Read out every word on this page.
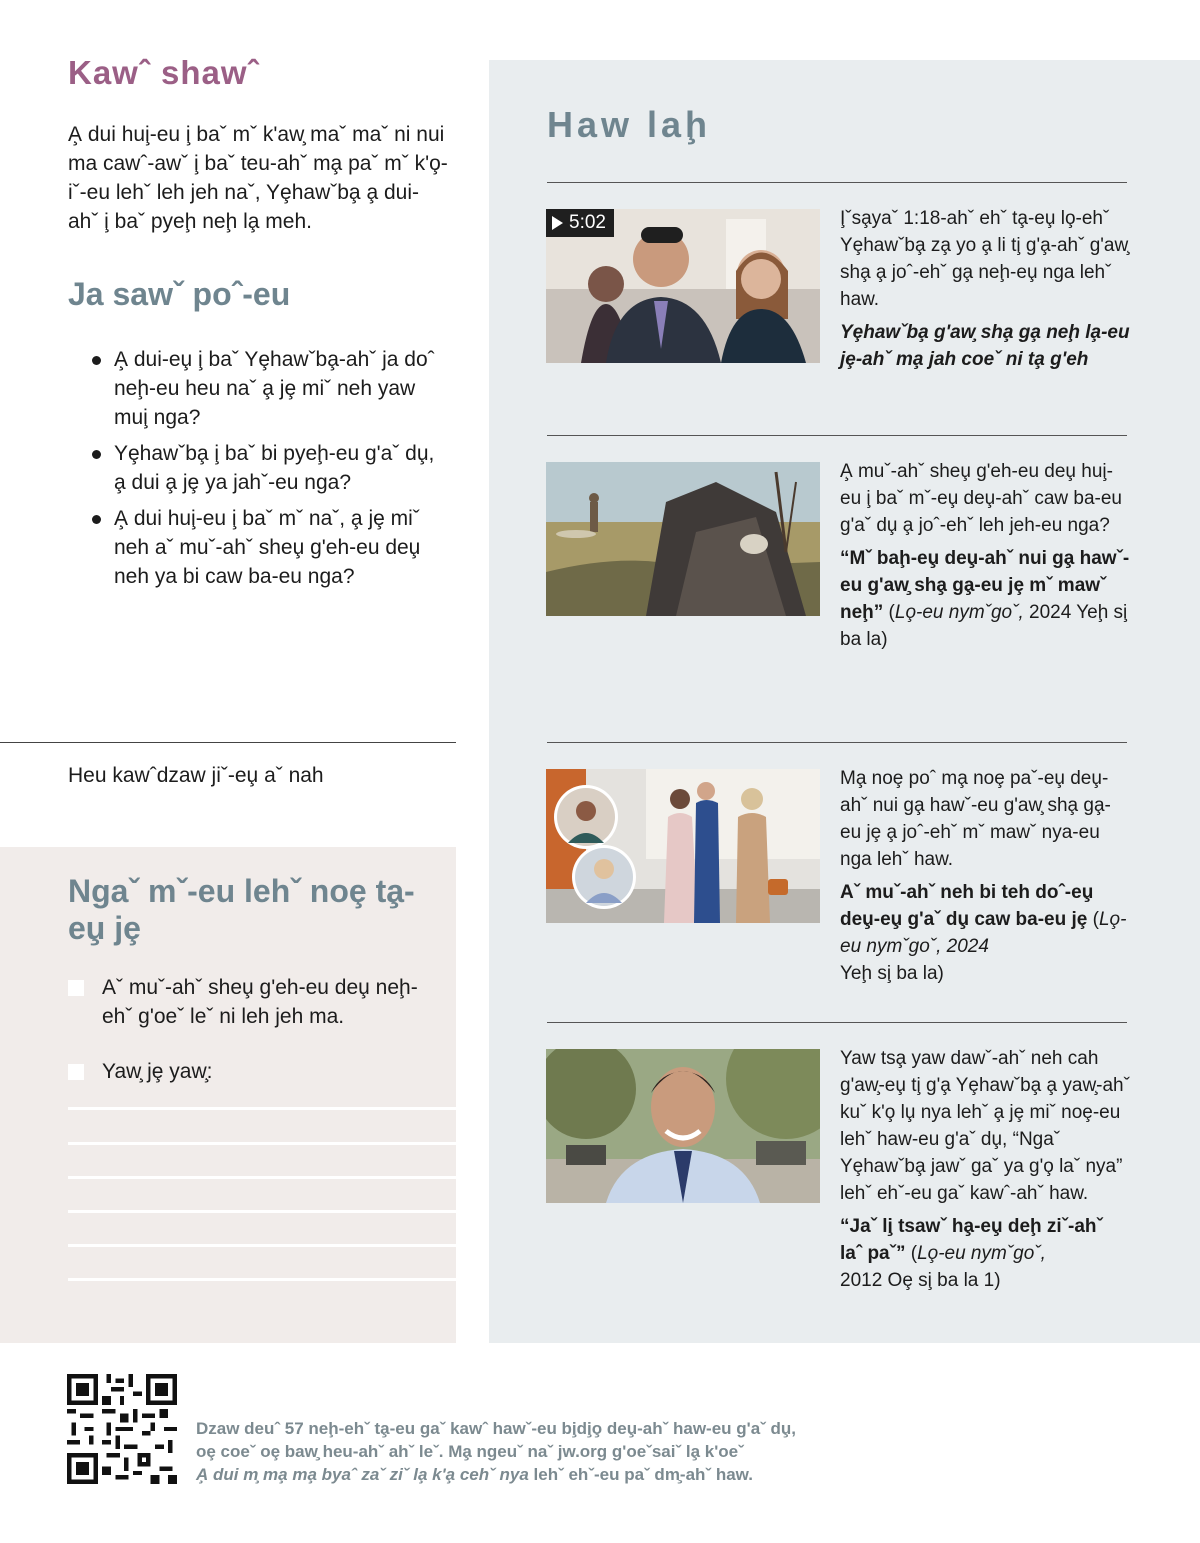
Kawˆ shawˆ

A̧ dui hui̧-eu i̧ baˇ mˇ k'aw̧ maˇ maˇ ni nui ma cawˆ-awˇ i̧ baˇ teu-ahˇ ma̧ paˇ mˇ k'o̧-iˇ-eu lehˇ leh jeh naˇ, Yȩhawˇba̧ a̧ dui-ahˇ i̧ baˇ pyeḩ neḩ la̧ meh.

Ja sawˇ poˆ-eu
A̧ dui-eu̧ i̧ baˇ Yȩhawˇba̧-ahˇ ja doˆ neḩ-eu heu naˇ a̧ jȩ miˇ neh yaw mui̧ nga?
Yȩhawˇba̧ i̧ baˇ bi pyeḩ-eu g'aˇ du̧, a̧ dui a̧ jȩ ya jahˇ-eu nga?
A̧ dui hui̧-eu i̧ baˇ mˇ naˇ, a̧ jȩ miˇ neh aˇ muˇ-ahˇ sheu̧ g'eh-eu deu̧ neh ya bi caw ba-eu nga?
Heu kawˆdzaw jiˇ-eu̧ aˇ nah
Ngaˇ mˇ-eu lehˇ noȩ ta̧-eu̧ jȩ
Aˇ muˇ-ahˇ sheu̧ g'eh-eu deu̧ neḩ-ehˇ g'oeˇ leˇ ni leh jeh ma.
Yaw̧ jȩ yaw̧:
Haw laḩ
5:02	I̧ˇsa̧yaˇ 1:18-ahˇ ehˇ ta̧-eu̧ lo̧-ehˇ Yȩhawˇba̧ za̧ yo a̧ li ti̧ g'a̧-ahˇ g'aw̧ sha̧ a̧ joˆ-ehˇ ga̧ neḩ-eu̧ nga lehˇ haw.
Yȩhawˇba̧ g'aw̧ sha̧ ga̧ neḩ la̧-eu jȩ-ahˇ ma̧ jah coeˇ ni ta̧ g'eh
A̧ muˇ-ahˇ sheu̧ g'eh-eu deu̧ hui̧-eu i̧ baˇ mˇ-eu̧ deu̧-ahˇ caw ba-eu g'aˇ du̧ a̧ joˆ-ehˇ leh jeh-eu nga?
“Mˇ baḩ-eu̧ deu̧-ahˇ nui ga̧ hawˇ-eu g'aw̧ sha̧ ga̧-eu jȩ mˇ mawˇ neḩ” (Lo̧-eu nymˇgoˇ, 2024 Yeḩ si̧ ba la)
Ma̧ noȩ poˆ ma̧ noȩ paˇ-eu̧ deu̧-ahˇ nui ga̧ hawˇ-eu g'aw̧ sha̧ ga̧-eu jȩ a̧ joˆ-ehˇ mˇ mawˇ nya-eu nga lehˇ haw.
Aˇ muˇ-ahˇ neh bi teh doˆ-eu̧ deu̧-eu̧ g'aˇ du̧ caw ba-eu jȩ (Lo̧-eu nymˇgoˇ, 2024
Yeḩ si̧ ba la)
Yaw tsa̧ yaw dawˇ-ahˇ neh cah g'aw̧-eu̧ ti̧ g'a̧ Yȩhawˇba̧ a̧ yaw̧-ahˇ kuˇ k'o̧ lu̧ nya lehˇ a̧ jȩ miˇ noȩ-eu lehˇ haw-eu g'aˇ du̧, “Ngaˇ Yȩhawˇba̧ jawˇ gaˇ ya g'o̧ laˇ nya” lehˇ ehˇ-eu gaˇ kawˆ-ahˇ haw.
“Jaˇ li̧ tsawˇ ha̧-eu̧ deḩ ziˇ-ahˇ laˆ paˇ” (Lo̧-eu nymˇgoˇ,
2012 Oȩ si̧ ba la 1)
Dzaw deuˆ 57 neḩ-ehˇ ta̧-eu gaˇ kawˆ hawˇ-eu bi̧di̧o̧ deu̧-ahˇ haw-eu g'aˇ du̧,
oȩ coeˇ oȩ baw̧ heu-ahˇ ahˇ leˇ. Ma̧ ngeuˇ naˇ jw.org g'oeˇsaiˇ la̧ k'oeˇ
A̧ dui m̧ ma̧ ma̧ byaˆ zaˇ ziˇ la̧ k'a̧ cehˇ nya lehˇ ehˇ-eu paˇ dm̧-ahˇ haw.
